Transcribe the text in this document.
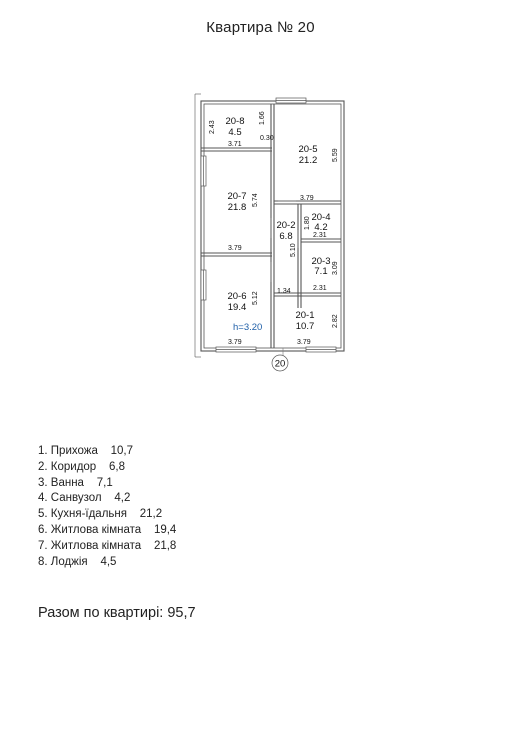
Квартира № 20
20
20-8
4.5
20-7
21.8
20-6
19.4
20-5
21.2
20-4
4.2
20-3
7.1
20-2
6.8
20-1
10.7
2.43
1.66
0.30
3.71
5.59
5.74	3.79
1.80
2.31
5.10
3.09
3.79
2.31
1.34
5.12
2.82
3.79	3.79
h=3.20
1. Прихожа    10,7
2. Коридор    6,8
3. Ванна    7,1
4. Санвузол    4,2
5. Кухня-їдальня    21,2
6. Житлова кімната    19,4
7. Житлова кімната    21,8
8. Лоджія    4,5
Разом по квартирі: 95,7
